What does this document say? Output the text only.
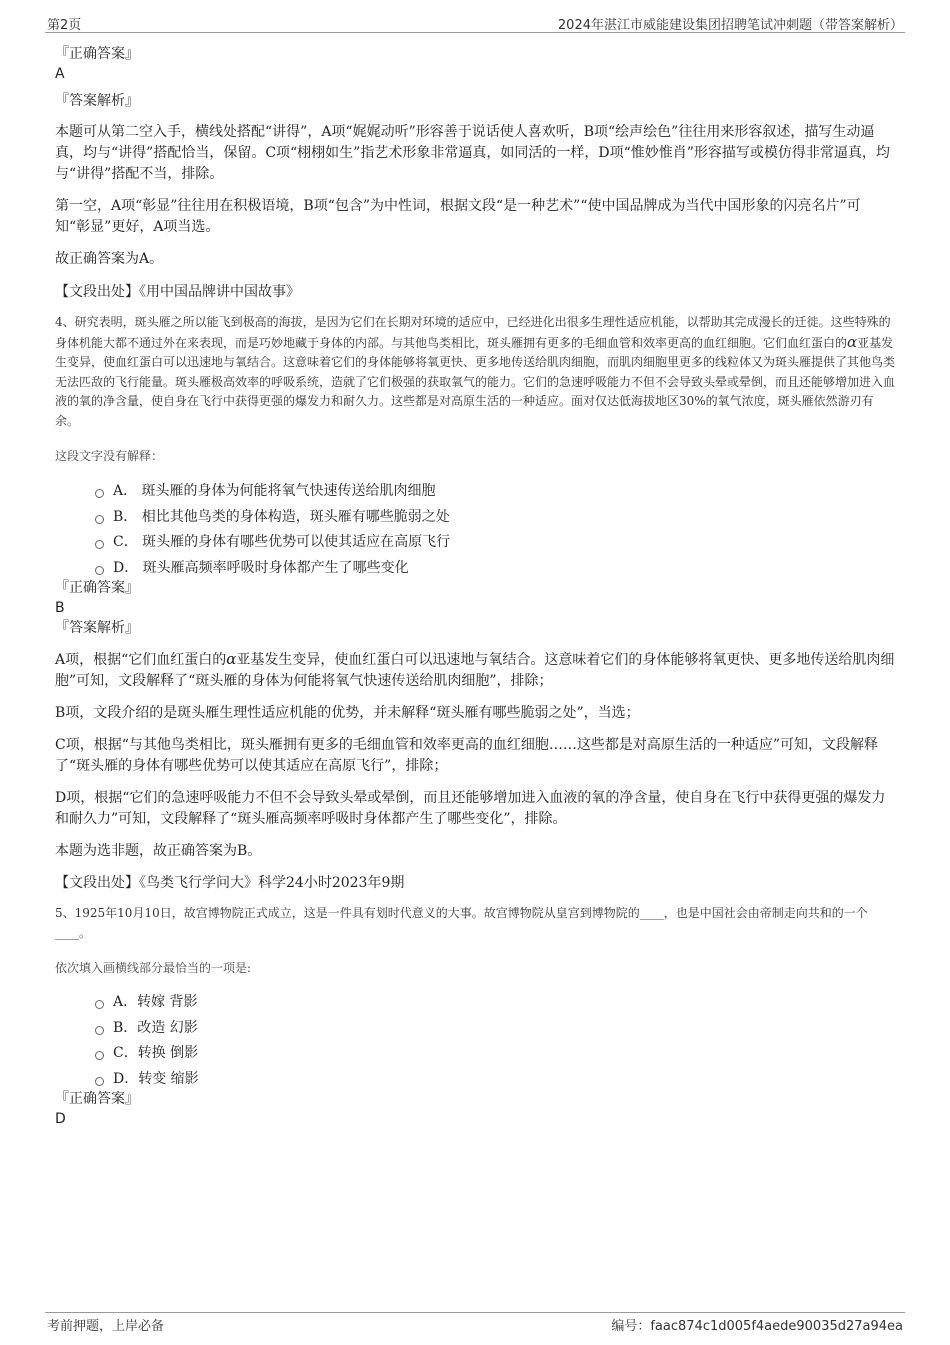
第2页	2024年湛江市威能建设集团招聘笔试冲刺题（带答案解析）

『正确答案』

A

『答案解析』

本题可从第二空入手，横线处搭配“讲得”，A项“娓娓动听”形容善于说话使人喜欢听，B项“绘声绘色”往往用来形容叙述，描写生动逼真，均与“讲得”搭配恰当，保留。C项“栩栩如生”指艺术形象非常逼真，如同活的一样，D项“惟妙惟肖”形容描写或模仿得非常逼真，均与“讲得”搭配不当，排除。

第一空，A项“彰显”往往用在积极语境，B项“包含”为中性词，根据文段“是一种艺术”“使中国品牌成为当代中国形象的闪亮名片”可知“彰显”更好，A项当选。

故正确答案为A。

【文段出处】《用中国品牌讲中国故事》

4、研究表明，斑头雁之所以能飞到极高的海拔，是因为它们在长期对环境的适应中，已经进化出很多生理性适应机能，以帮助其完成漫长的迁徙。这些特殊的身体机能大都不通过外在来表现，而是巧妙地藏于身体的内部。与其他鸟类相比，斑头雁拥有更多的毛细血管和效率更高的血红细胞。它们血红蛋白的α亚基发生变异，使血红蛋白可以迅速地与氧结合。这意味着它们的身体能够将氧更快、更多地传送给肌肉细胞，而肌肉细胞里更多的线粒体又为斑头雁提供了其他鸟类无法匹敌的飞行能量。斑头雁极高效率的呼吸系统，造就了它们极强的获取氧气的能力。它们的急速呼吸能力不但不会导致头晕或晕倒，而且还能够增加进入血液的氧的净含量，使自身在飞行中获得更强的爆发力和耐久力。这些都是对高原生活的一种适应。面对仅达低海拔地区30%的氧气浓度，斑头雁依然游刃有余。

这段文字没有解释：

A． 斑头雁的身体为何能将氧气快速传送给肌肉细胞
B． 相比其他鸟类的身体构造，斑头雁有哪些脆弱之处
C． 斑头雁的身体有哪些优势可以使其适应在高原飞行
D． 斑头雁高频率呼吸时身体都产生了哪些变化

『正确答案』

B

『答案解析』

A项，根据“它们血红蛋白的α亚基发生变异，使血红蛋白可以迅速地与氧结合。这意味着它们的身体能够将氧更快、更多地传送给肌肉细胞”可知，文段解释了“斑头雁的身体为何能将氧气快速传送给肌肉细胞”，排除；

B项，文段介绍的是斑头雁生理性适应机能的优势，并未解释“斑头雁有哪些脆弱之处”，当选；

C项，根据“与其他鸟类相比，斑头雁拥有更多的毛细血管和效率更高的血红细胞……这些都是对高原生活的一种适应”可知，文段解释了“斑头雁的身体有哪些优势可以使其适应在高原飞行”，排除；

D项，根据“它们的急速呼吸能力不但不会导致头晕或晕倒，而且还能够增加进入血液的氧的净含量，使自身在飞行中获得更强的爆发力和耐久力”可知，文段解释了“斑头雁高频率呼吸时身体都产生了哪些变化”，排除。

本题为选非题，故正确答案为B。

【文段出处】《鸟类飞行学问大》科学24小时2023年9期

5、1925年10月10日，故宫博物院正式成立，这是一件具有划时代意义的大事。故宫博物院从皇宫到博物院的____，也是中国社会由帝制走向共和的一个____。

依次填入画横线部分最恰当的一项是:

A．转嫁 背影
B．改造 幻影
C．转换 倒影
D．转变 缩影

『正确答案』

D

考前押题，上岸必备	编号：faac874c1d005f4aede90035d27a94ea
